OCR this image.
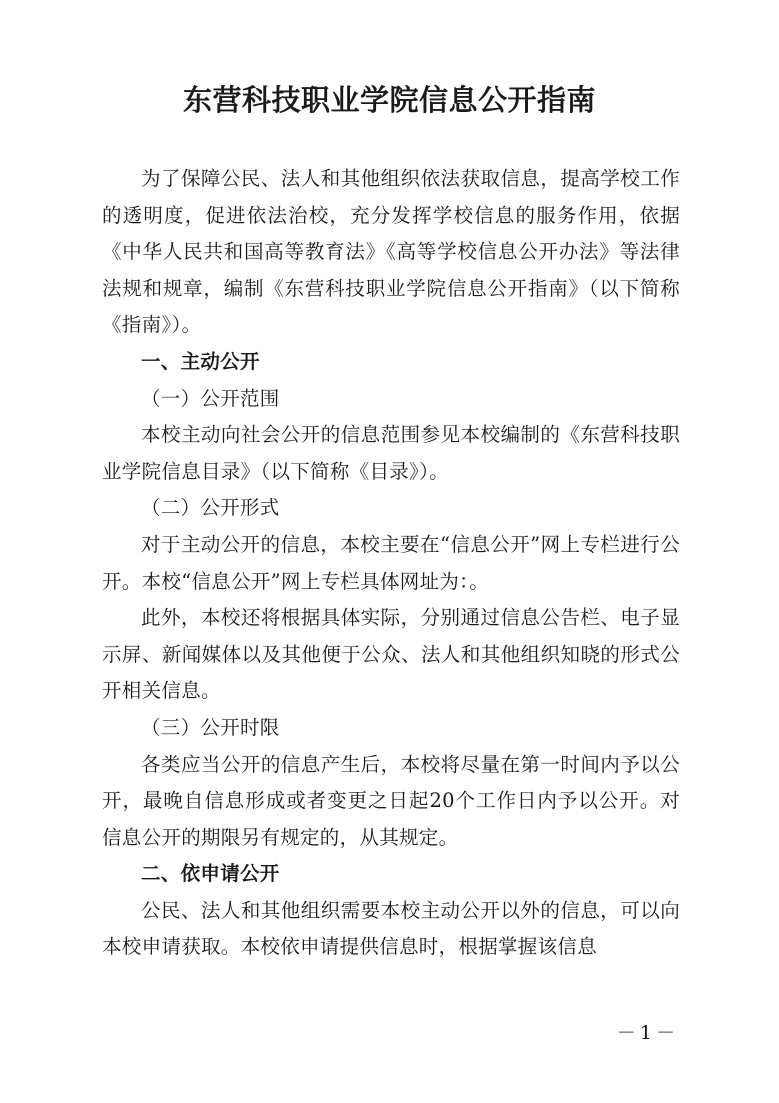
东营科技职业学院信息公开指南

为了保障公民、法人和其他组织依法获取信息，提高学校工作的透明度，促进依法治校，充分发挥学校信息的服务作用，依据《中华人民共和国高等教育法》《高等学校信息公开办法》等法律法规和规章，编制《东营科技职业学院信息公开指南》（以下简称《指南》）。

一、主动公开

（一）公开范围

本校主动向社会公开的信息范围参见本校编制的《东营科技职业学院信息目录》（以下简称《目录》）。

（二）公开形式

对于主动公开的信息，本校主要在“信息公开”网上专栏进行公开。本校“信息公开”网上专栏具体网址为：。

此外，本校还将根据具体实际，分别通过信息公告栏、电子显示屏、新闻媒体以及其他便于公众、法人和其他组织知晓的形式公开相关信息。

（三）公开时限

各类应当公开的信息产生后，本校将尽量在第一时间内予以公开，最晚自信息形成或者变更之日起20个工作日内予以公开。对信息公开的期限另有规定的，从其规定。

二、依申请公开

公民、法人和其他组织需要本校主动公开以外的信息，可以向本校申请获取。本校依申请提供信息时，根据掌握该信息

－1－
